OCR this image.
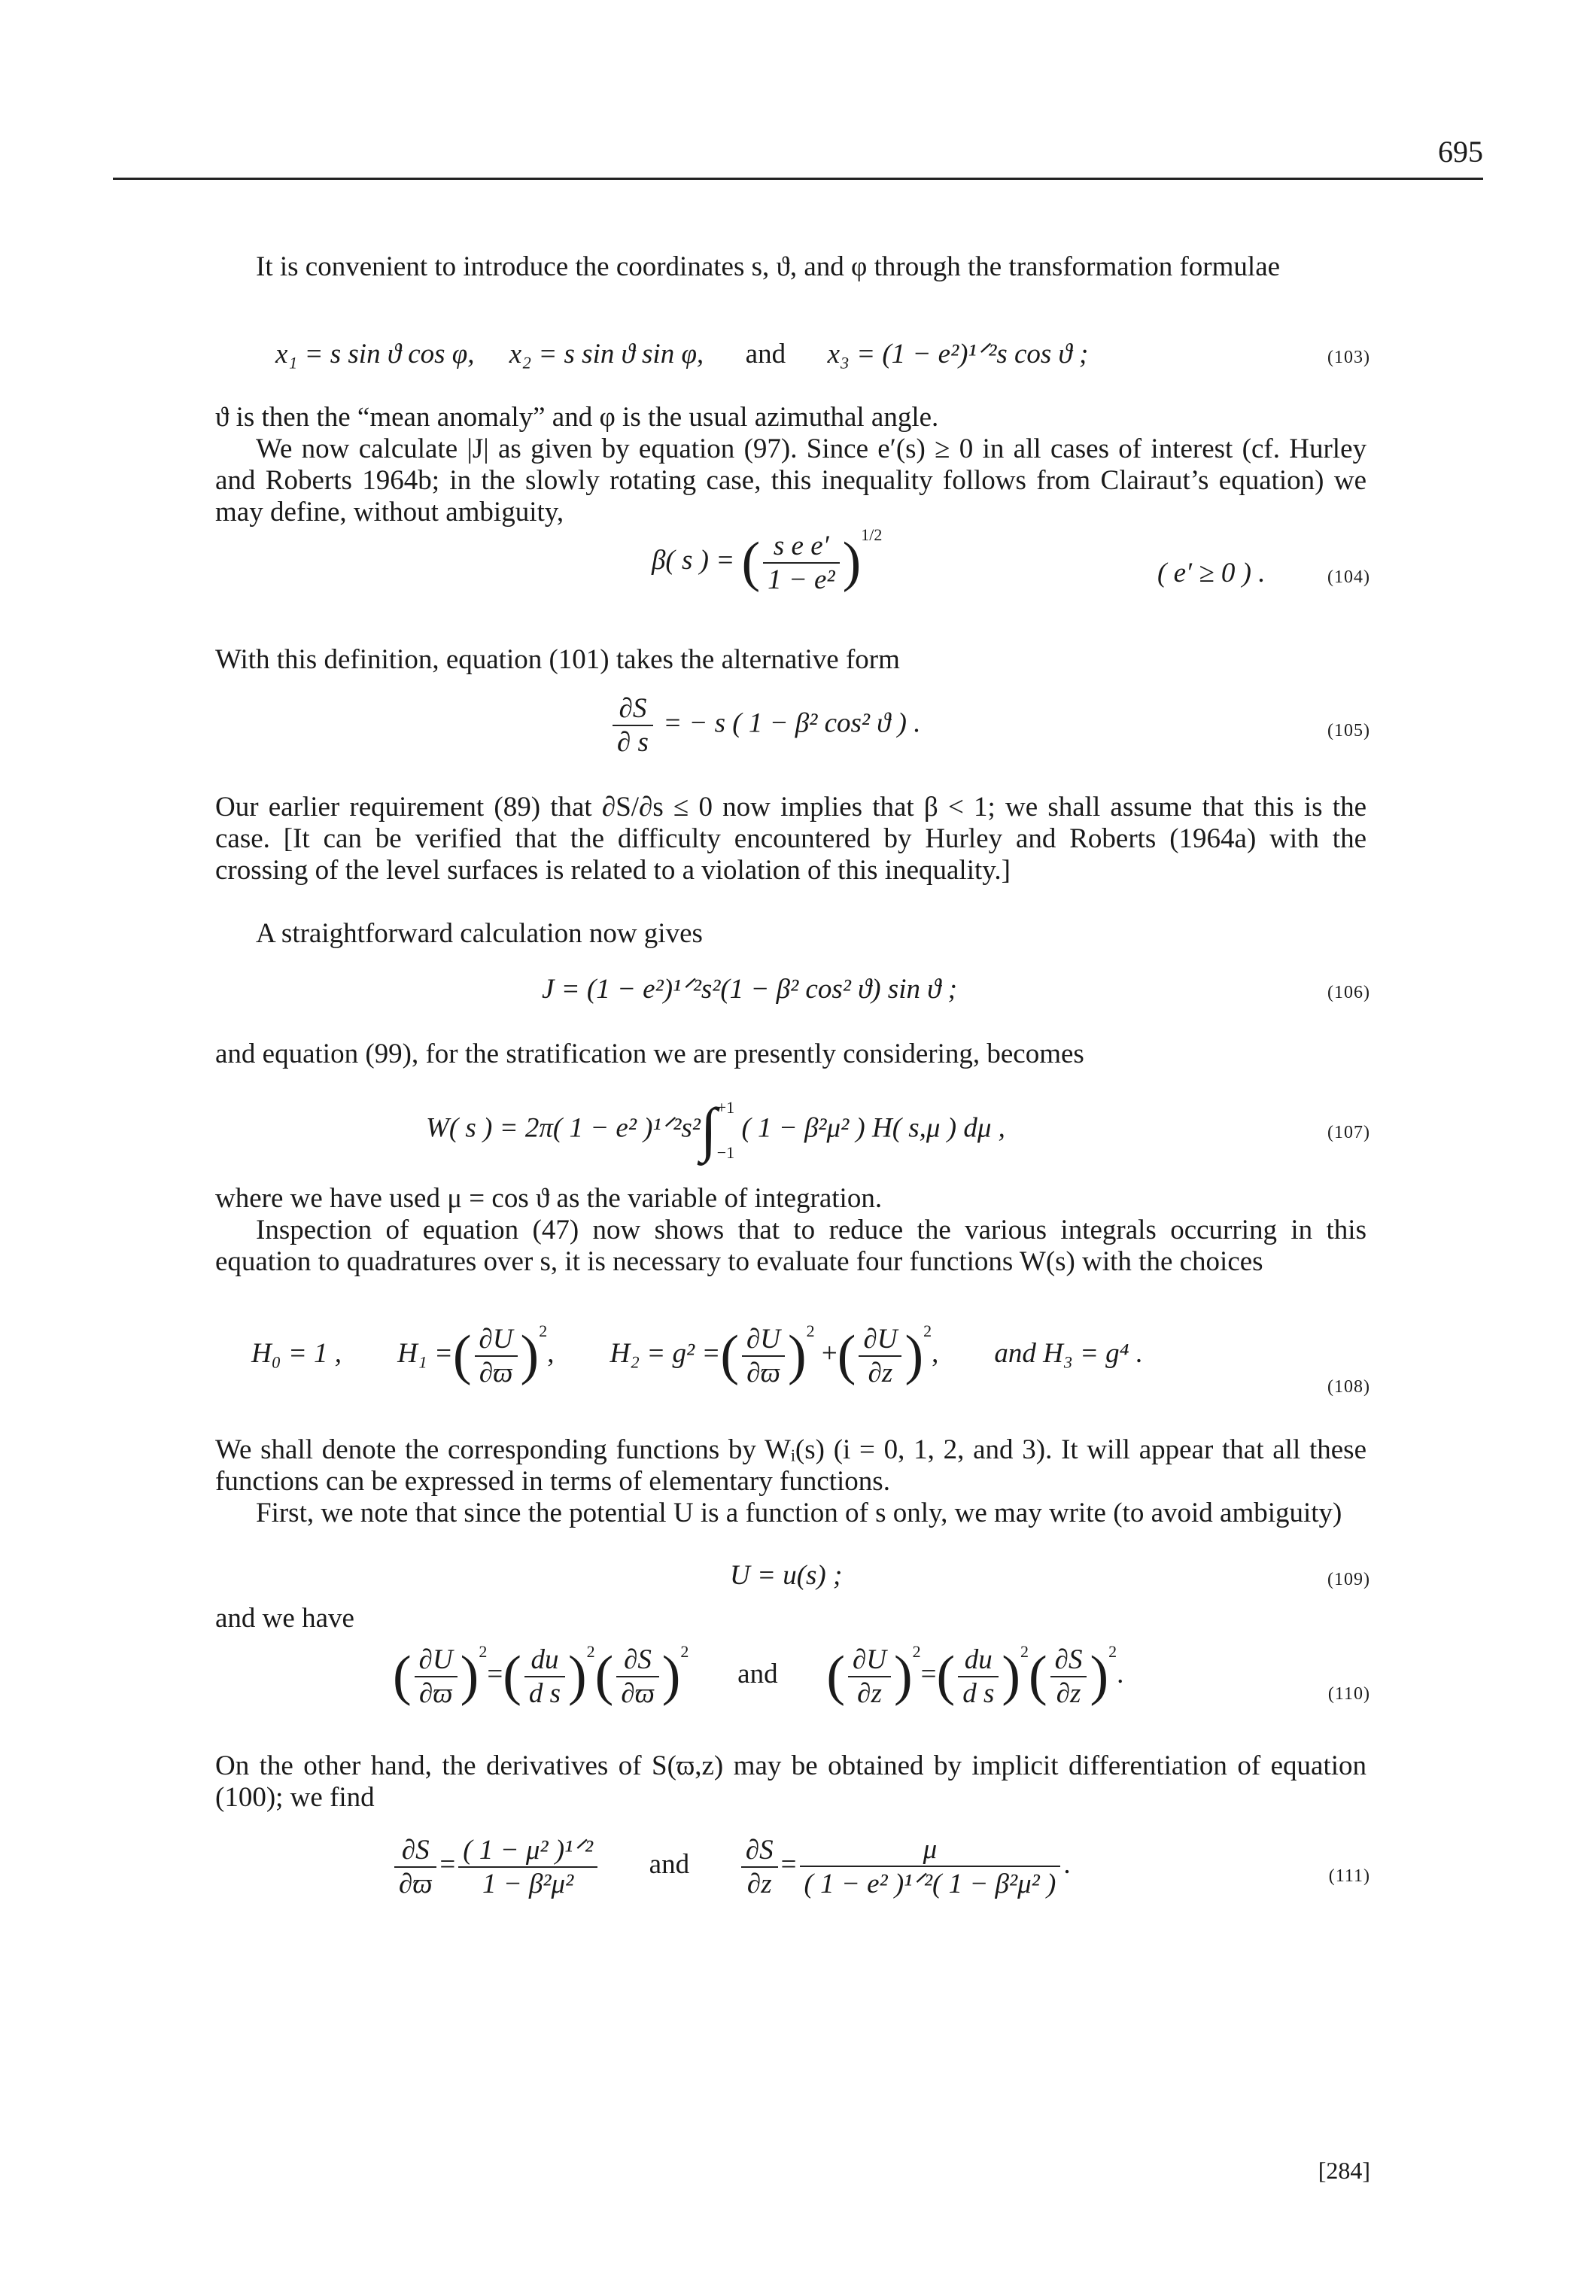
695

It is convenient to introduce the coordinates s, ϑ, and φ through the transformation formulae

x₁ = s sin ϑ cos φ, x₂ = s sin ϑ sin φ, and x₃ = (1 − e²)¹ᐟ²s cos ϑ ;	(103)

ϑ is then the “mean anomaly” and φ is the usual azimuthal angle.

We now calculate |J| as given by equation (97). Since e′(s) ≥ 0 in all cases of interest (cf. Hurley and Roberts 1964b; in the slowly rotating case, this inequality follows from Clairaut’s equation) we may define, without ambiguity,

β( s ) = ( $\frac{\text{s e e′}}{\text{1 − e²}} )^{1/2}$
( e′ ≥ 0 ) .	(104)

With this definition, equation (101) takes the alternative form

$\frac{\partial S}{\partial s}$ = − s ( 1 − β² cos² ϑ ) .	(105)

Our earlier requirement (89) that ∂S/∂s ≤ 0 now implies that β < 1; we shall assume that this is the case. [It can be verified that the difficulty encountered by Hurley and Roberts (1964a) with the crossing of the level surfaces is related to a violation of this inequality.]

A straightforward calculation now gives

J = (1 − e²)¹ᐟ²s²(1 − β² cos² ϑ) sin ϑ ;	(106)

and equation (99), for the stratification we are presently considering, becomes

W( s ) = 2π( 1 − e² )¹ᐟ²s²∫ +1
−1
( 1 − β²μ² ) H( s,μ ) dμ ,	(107)

where we have used μ = cos ϑ as the variable of integration.

Inspection of equation (47) now shows that to reduce the various integrals occurring in this equation to quadratures over s, it is necessary to evaluate four functions W(s) with the choices

H₀ = 1 , H₁ =( $\frac{\partial U}{\partial ϖ} )^2$, H₂ = g² =( $\frac{\partial U}{\partial ϖ} )^2$ +( $\frac{\partial U}{\partial z} )^2$, and H₃ = g⁴ .
(108)

We shall denote the corresponding functions by Wᵢ(s) (i = 0, 1, 2, and 3). It will appear that all these functions can be expressed in terms of elementary functions.

First, we note that since the potential U is a function of s only, we may write (to avoid ambiguity)

U = u(s) ;	(109)

and we have

( $\frac{\partial U}{\partial ϖ} )^2=( \frac{du}{\text{d s}} )^2( \frac{\partial S}{\partial ϖ} )^2$       and ( $\frac{\partial U}{\partial z} )^2=( \frac{du}{\text{d s}} )^2( \frac{\partial S}{\partial z} )^2$.
(110)

On the other hand, the derivatives of S(ϖ,z) may be obtained by implicit differentiation of equation (100); we find

$\frac{\partial S}{\partial ϖ} = \frac{\text{( 1 − μ² )¹ᐟ²}}{\text{1 − β²μ²}}$ and $\frac{\partial S}{\partial z} = \frac{\mu}{\text{( 1 − e² )¹ᐟ²( 1 − β²μ² )}}$ .	(111)
[284]
